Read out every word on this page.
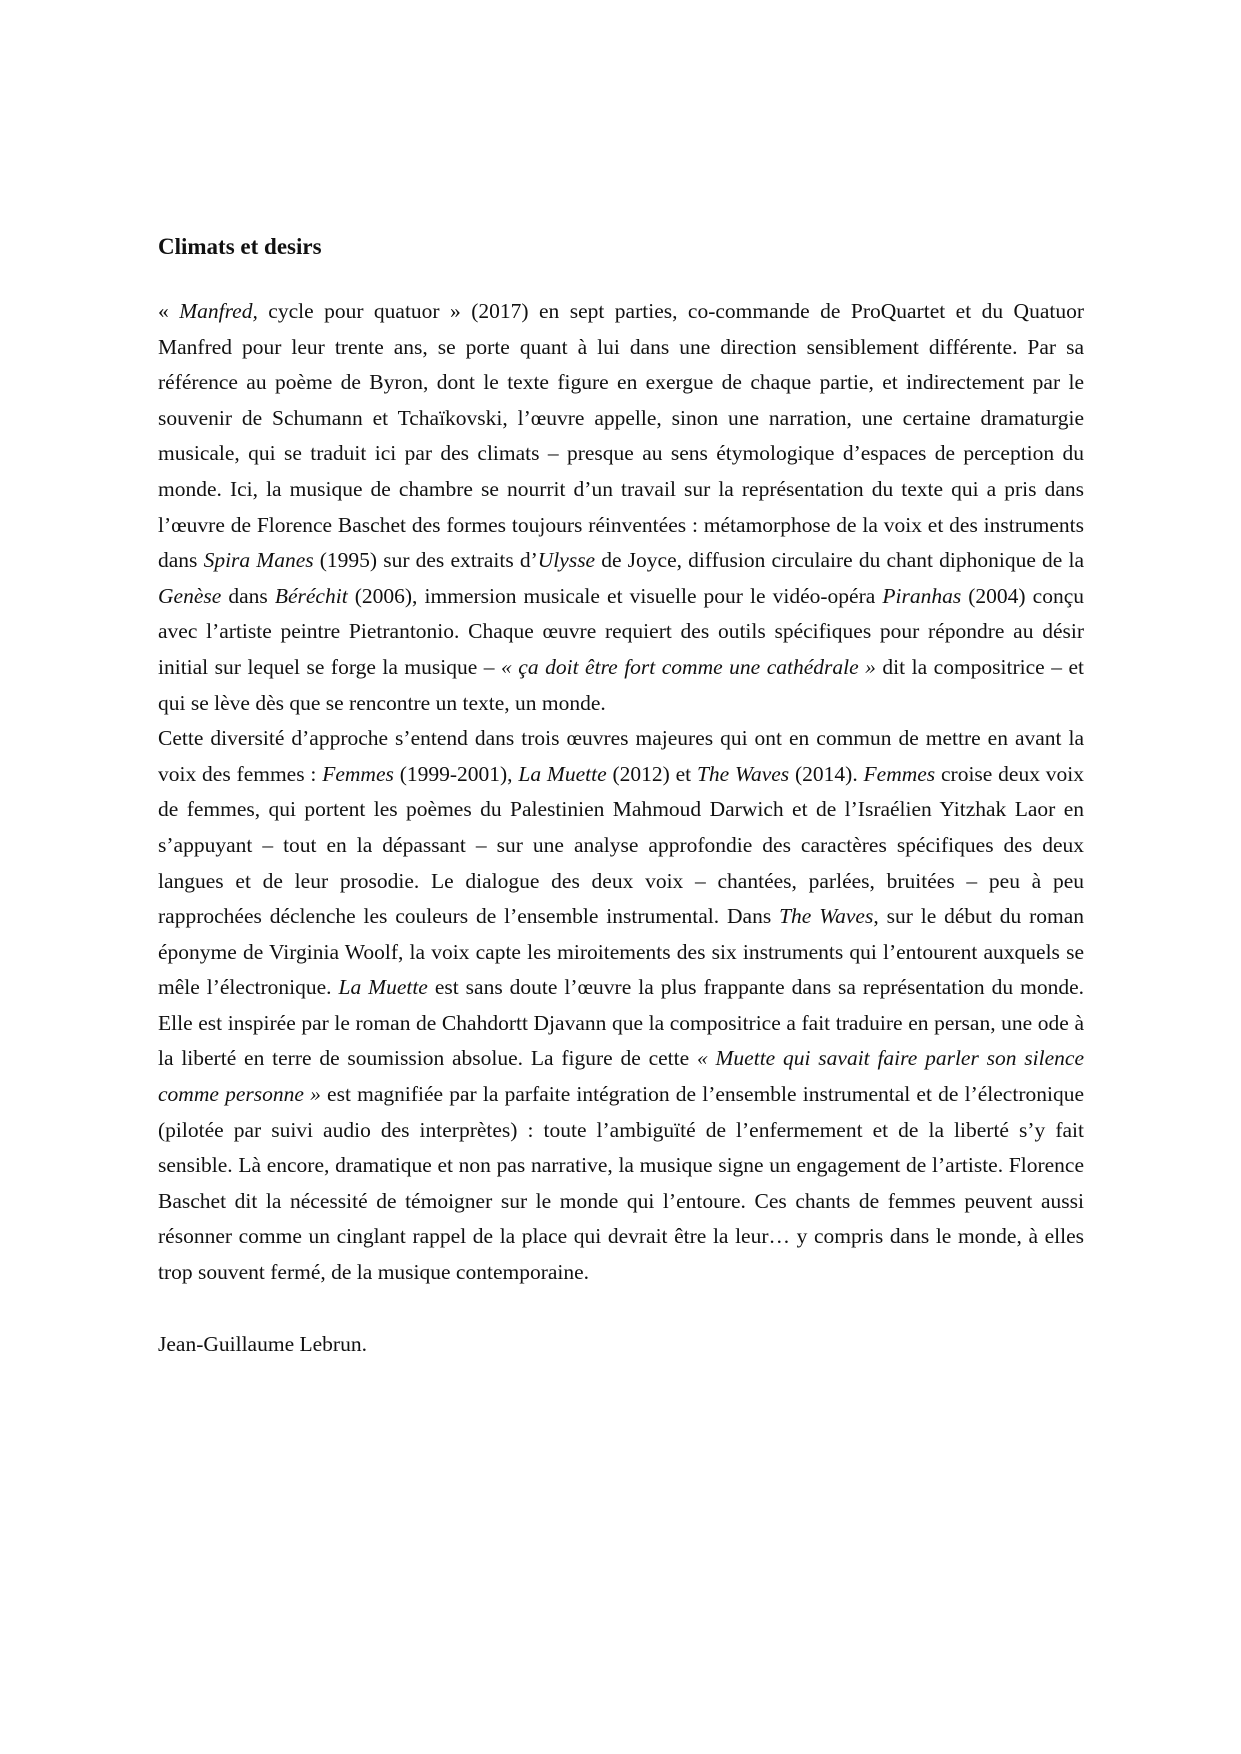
Climats et desirs

« Manfred, cycle pour quatuor » (2017) en sept parties, co-commande de ProQuartet et du Quatuor Manfred pour leur trente ans, se porte quant à lui dans une direction sensiblement différente. Par sa référence au poème de Byron, dont le texte figure en exergue de chaque partie, et indirectement par le souvenir de Schumann et Tchaïkovski, l’œuvre appelle, sinon une narration, une certaine dramaturgie musicale, qui se traduit ici par des climats – presque au sens étymologique d’espaces de perception du monde. Ici, la musique de chambre se nourrit d’un travail sur la représentation du texte qui a pris dans l’œuvre de Florence Baschet des formes toujours réinventées : métamorphose de la voix et des instruments dans Spira Manes (1995) sur des extraits d’Ulysse de Joyce, diffusion circulaire du chant diphonique de la Genèse dans Béréchit (2006), immersion musicale et visuelle pour le vidéo-opéra Piranhas (2004) conçu avec l’artiste peintre Pietrantonio. Chaque œuvre requiert des outils spécifiques pour répondre au désir initial sur lequel se forge la musique – « ça doit être fort comme une cathédrale » dit la compositrice – et qui se lève dès que se rencontre un texte, un monde.

Cette diversité d’approche s’entend dans trois œuvres majeures qui ont en commun de mettre en avant la voix des femmes : Femmes (1999-2001), La Muette (2012) et The Waves (2014). Femmes croise deux voix de femmes, qui portent les poèmes du Palestinien Mahmoud Darwich et de l’Israélien Yitzhak Laor en s’appuyant – tout en la dépassant – sur une analyse approfondie des caractères spécifiques des deux langues et de leur prosodie. Le dialogue des deux voix – chantées, parlées, bruitées – peu à peu rapprochées déclenche les couleurs de l’ensemble instrumental. Dans The Waves, sur le début du roman éponyme de Virginia Woolf, la voix capte les miroitements des six instruments qui l’entourent auxquels se mêle l’électronique. La Muette est sans doute l’œuvre la plus frappante dans sa représentation du monde. Elle est inspirée par le roman de Chahdortt Djavann que la compositrice a fait traduire en persan, une ode à la liberté en terre de soumission absolue. La figure de cette « Muette qui savait faire parler son silence comme personne » est magnifiée par la parfaite intégration de l’ensemble instrumental et de l’électronique (pilotée par suivi audio des interprètes) : toute l’ambiguïté de l’enfermement et de la liberté s’y fait sensible. Là encore, dramatique et non pas narrative, la musique signe un engagement de l’artiste. Florence Baschet dit la nécessité de témoigner sur le monde qui l’entoure. Ces chants de femmes peuvent aussi résonner comme un cinglant rappel de la place qui devrait être la leur… y compris dans le monde, à elles trop souvent fermé, de la musique contemporaine.

Jean-Guillaume Lebrun.
